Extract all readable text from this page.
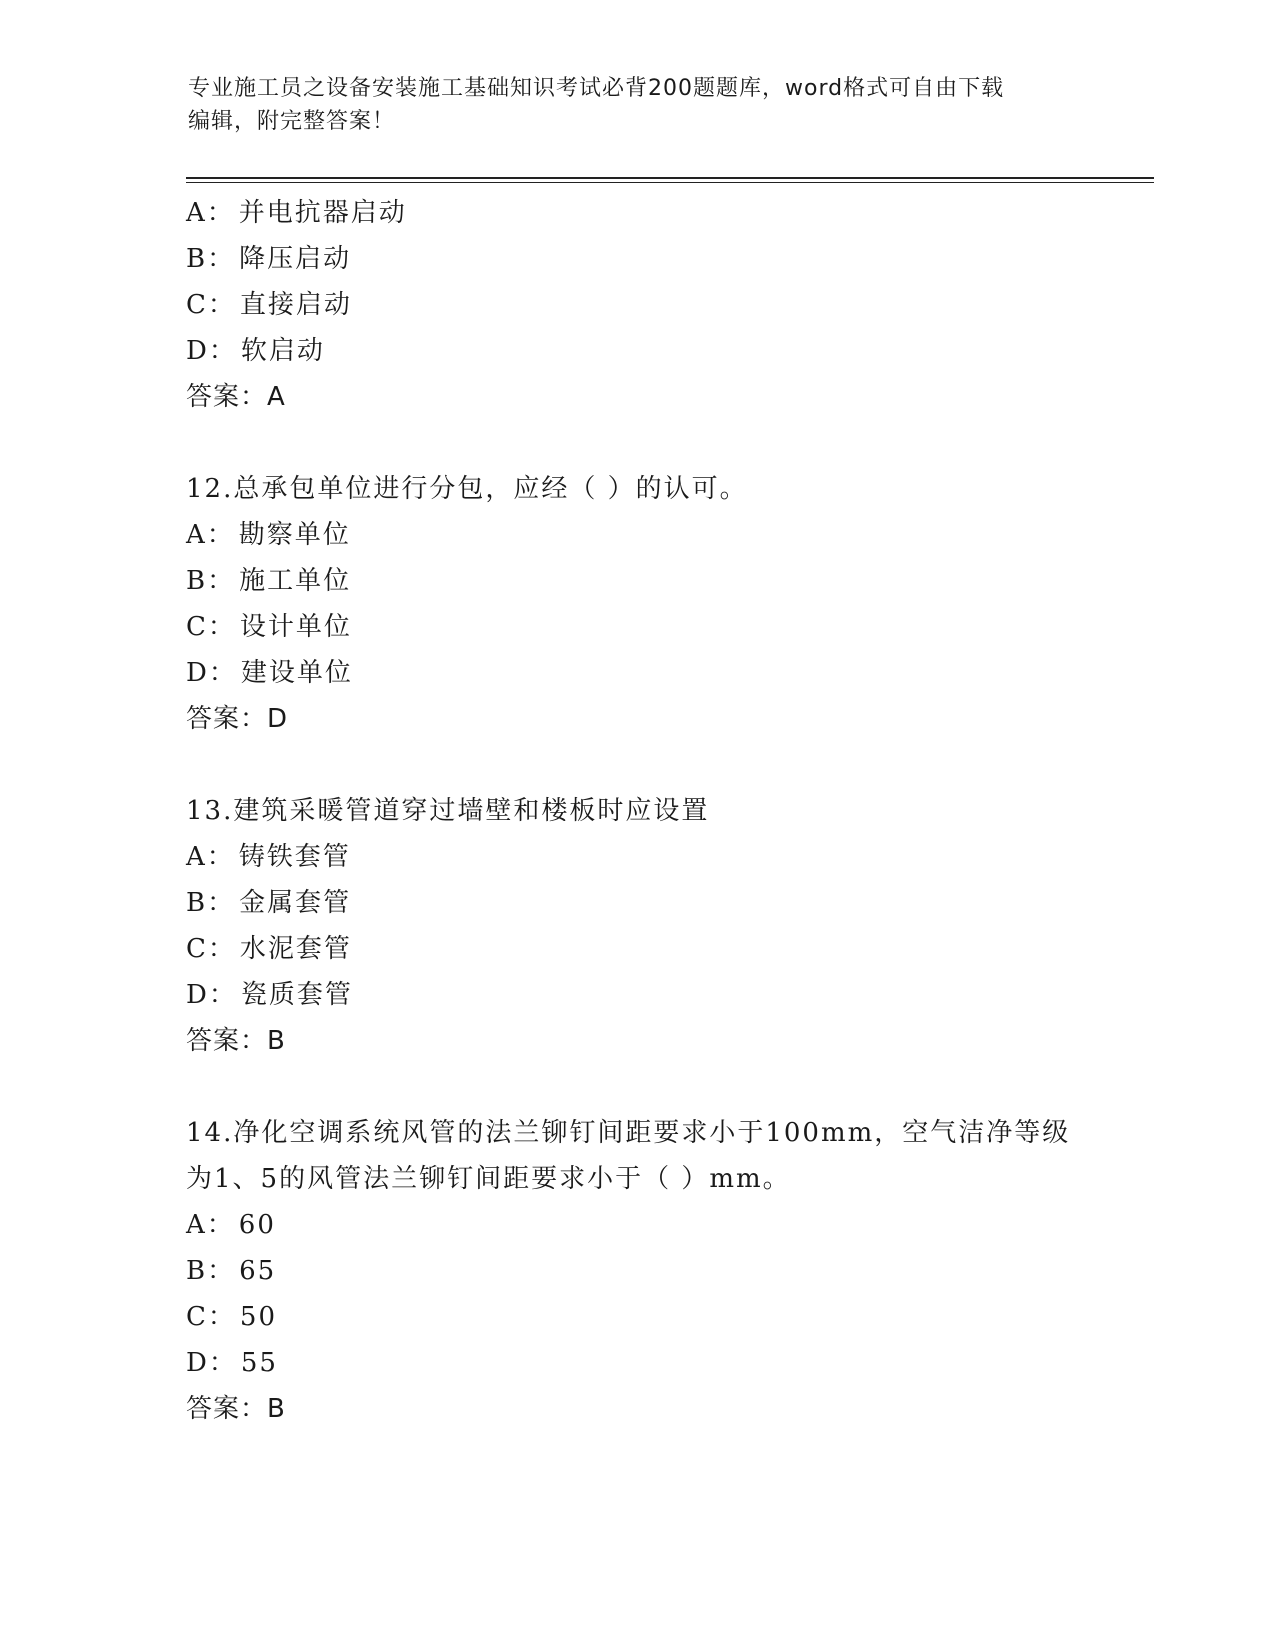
专业施工员之设备安装施工基础知识考试必背200题题库，word格式可自由下载
编辑，附完整答案！
A： 并电抗器启动
B： 降压启动
C： 直接启动
D： 软启动
答案：A
12.总承包单位进行分包，应经（ ）的认可。
A： 勘察单位
B： 施工单位
C： 设计单位
D： 建设单位
答案：D
13.建筑采暖管道穿过墙壁和楼板时应设置
A： 铸铁套管
B： 金属套管
C： 水泥套管
D： 瓷质套管
答案：B
14.净化空调系统风管的法兰铆钉间距要求小于100mm，空气洁净等级
为1、5的风管法兰铆钉间距要求小于（ ）mm。
A： 60
B： 65
C： 50
D： 55
答案：B
